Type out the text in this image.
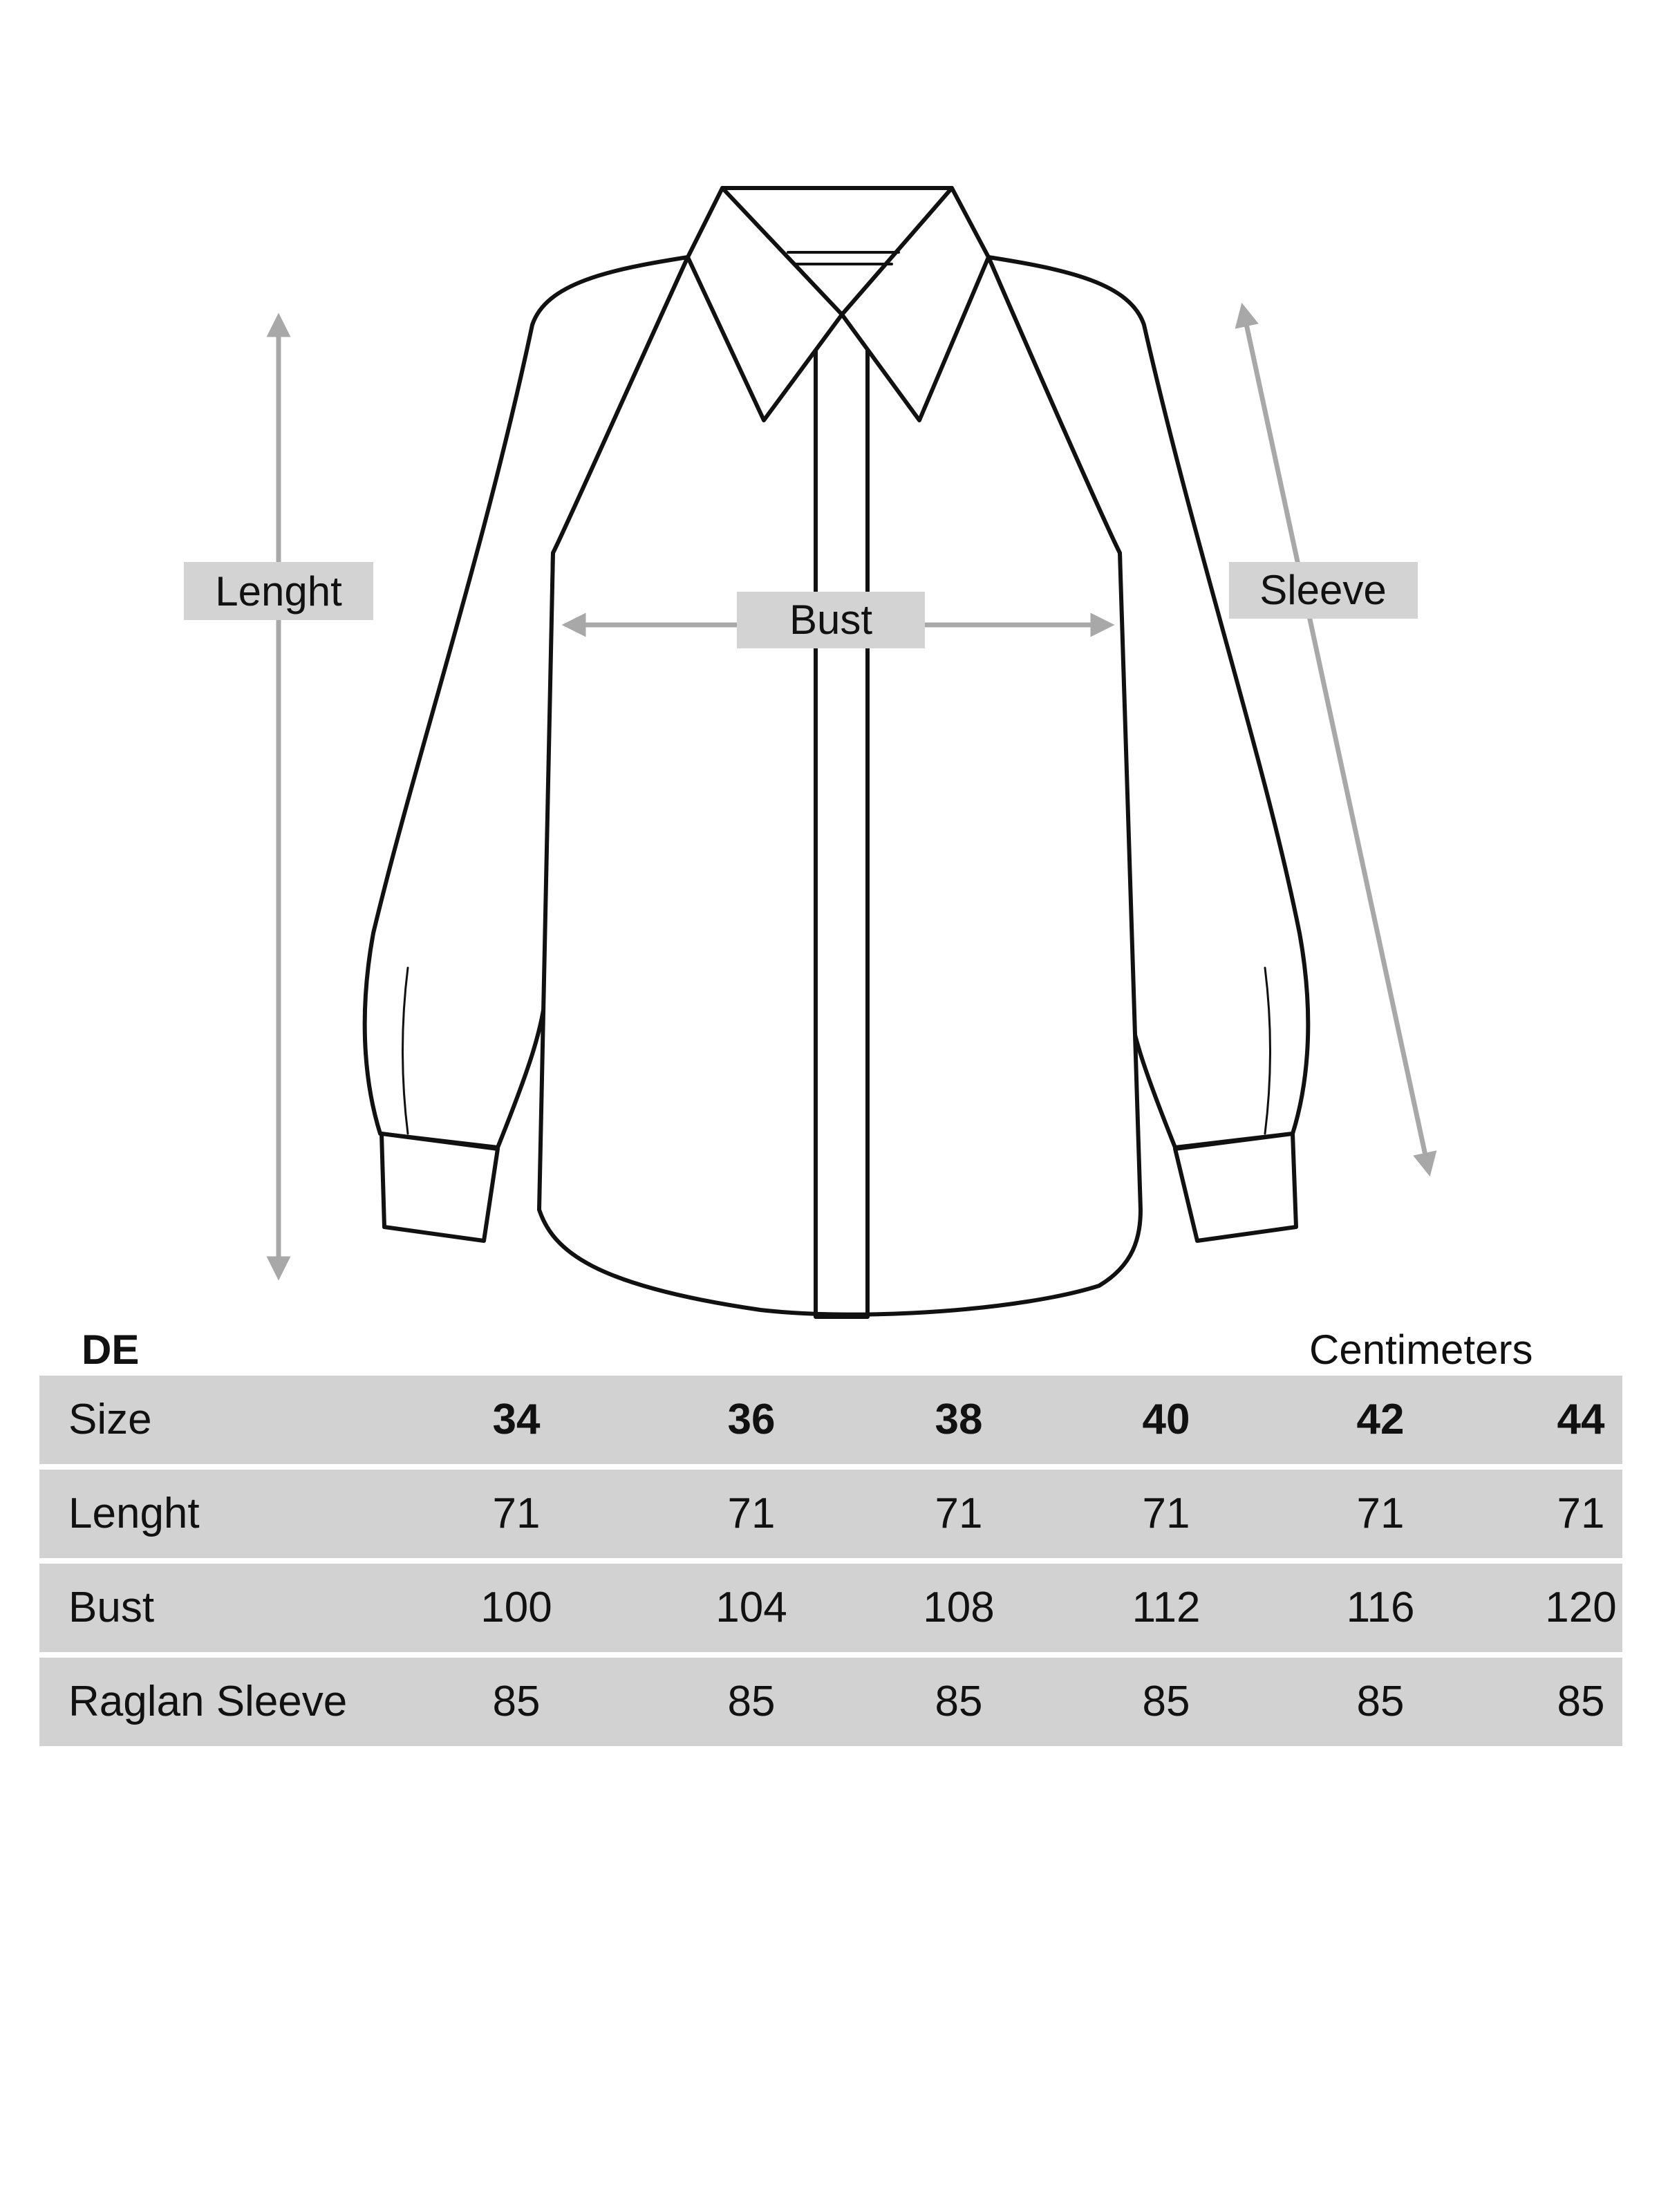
Lenght
Bust
Sleeve
DE	Centimeters
Size	34	36	38	40	42	44
Lenght	71	71	71	71	71	71
Bust	100	104	108	112	116	120
Raglan Sleeve	85	85	85	85	85	85
